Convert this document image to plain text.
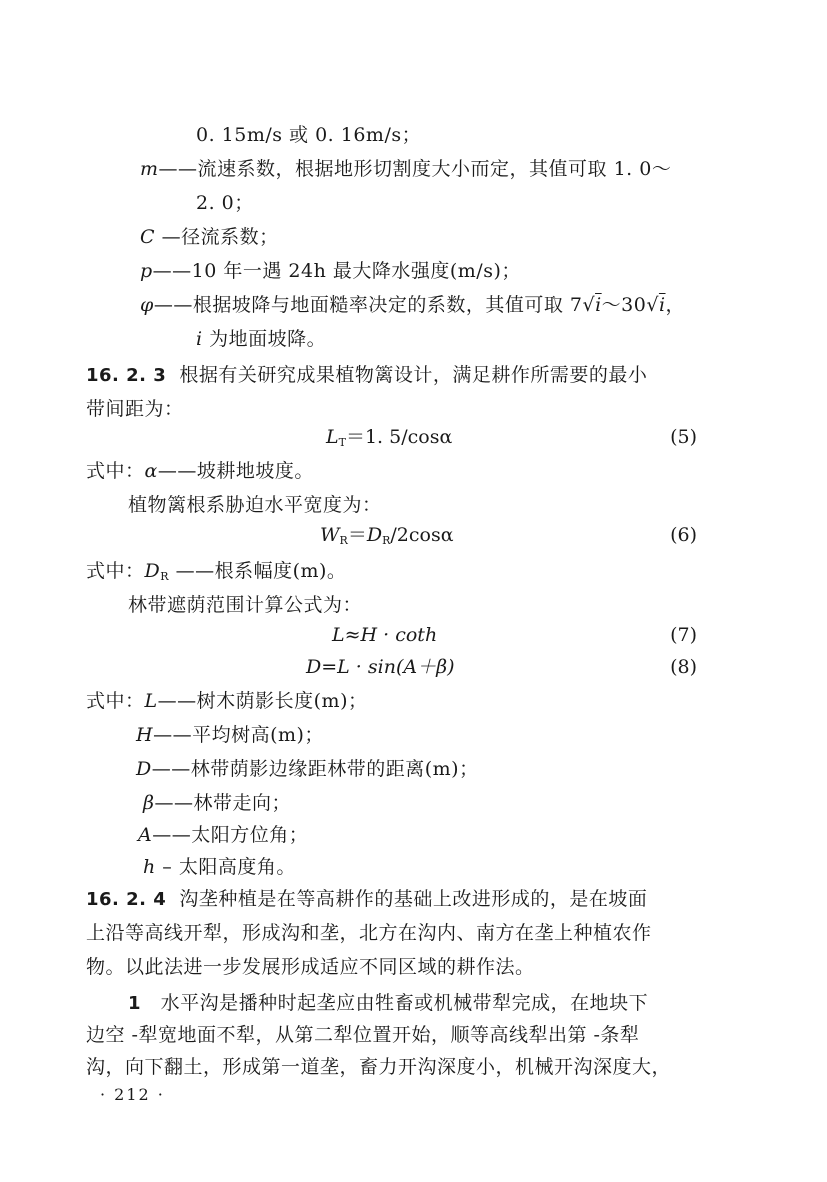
0. 15m/s 或 0. 16m/s；
m——流速系数，根据地形切割度大小而定，其值可取 1. 0～
2. 0；
C —径流系数；
p——10 年一遇 24h 最大降水强度(m/s)；
φ——根据坡降与地面糙率决定的系数，其值可取 7√i～30√i，
i 为地面坡降。
16. 2. 3 根据有关研究成果植物篱设计，满足耕作所需要的最小
带间距为：
$L_T=1$. 5/cosα	(5)
式中：α——坡耕地坡度。
植物篱根系胁迫水平宽度为：
$W_R=D_R/2\cos\alpha$	(6)
式中：$D_R$ ——根系幅度(m)。
林带遮荫范围计算公式为：
L≈H · coth	(7)
D=L · sin(A＋β)	(8)
式中：L——树木荫影长度(m)；
H——平均树高(m)；
D——林带荫影边缘距林带的距离(m)；
β——林带走向；
A——太阳方位角；
h – 太阳高度角。
16. 2. 4 沟垄种植是在等高耕作的基础上改进形成的，是在坡面
上沿等高线开犁，形成沟和垄，北方在沟内、南方在垄上种植农作
物。以此法进一步发展形成适应不同区域的耕作法。
1 水平沟是播种时起垄应由牲畜或机械带犁完成，在地块下
边空 -犁宽地面不犁，从第二犁位置开始，顺等高线犁出第 -条犁
沟，向下翻土，形成第一道垄，畜力开沟深度小，机械开沟深度大，
· 212 ·
